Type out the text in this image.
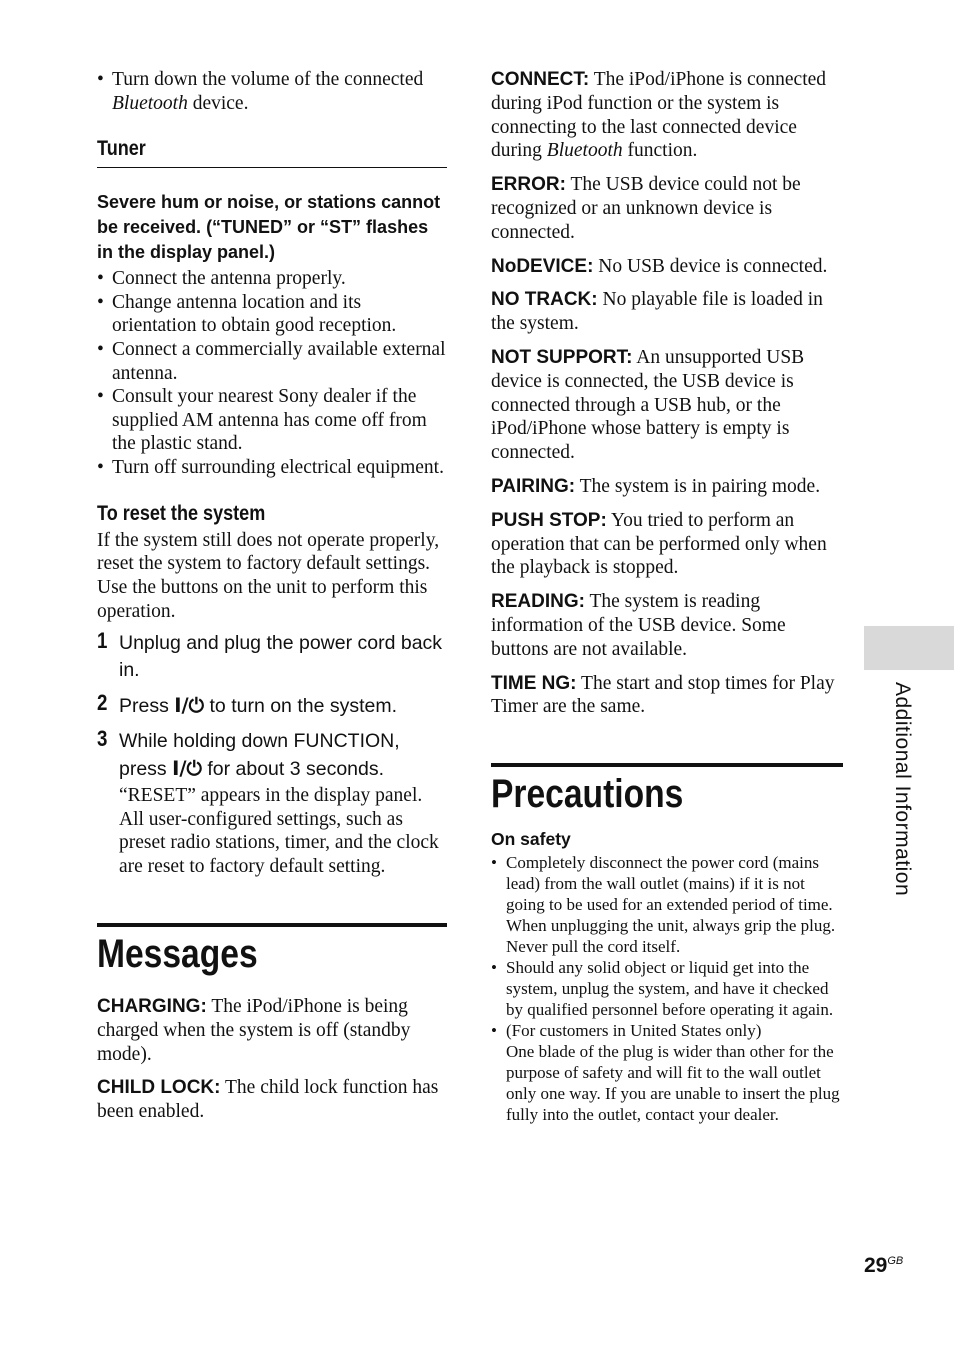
• Turn down the volume of the connected Bluetooth device.
Tuner
Severe hum or noise, or stations cannot be received. (“TUNED” or “ST” flashes in the display panel.)
• Connect the antenna properly.
• Change antenna location and its orientation to obtain good reception.
• Connect a commercially available external antenna.
• Consult your nearest Sony dealer if the supplied AM antenna has come off from the plastic stand.
• Turn off surrounding electrical equipment.
To reset the system
If the system still does not operate properly, reset the system to factory default settings.
Use the buttons on the unit to perform this operation.
1 Unplug and plug the power cord back in.
2 Press I/⏻ to turn on the system.
3 While holding down FUNCTION,
press I/⏻ for about 3 seconds.
“RESET” appears in the display panel. All user-configured settings, such as preset radio stations, timer, and the clock are reset to factory default setting.
Messages
CHARGING: The iPod/iPhone is being charged when the system is off (standby mode).
CHILD LOCK: The child lock function has been enabled.
CONNECT: The iPod/iPhone is connected during iPod function or the system is connecting to the last connected device during Bluetooth function.
ERROR: The USB device could not be recognized or an unknown device is connected.
NoDEVICE: No USB device is connected.
NO TRACK: No playable file is loaded in the system.
NOT SUPPORT: An unsupported USB device is connected, the USB device is connected through a USB hub, or the iPod/iPhone whose battery is empty is connected.
PAIRING: The system is in pairing mode.
PUSH STOP: You tried to perform an operation that can be performed only when the playback is stopped.
READING: The system is reading information of the USB device. Some buttons are not available.
TIME NG: The start and stop times for Play Timer are the same.
Precautions
On safety
• Completely disconnect the power cord (mains lead) from the wall outlet (mains) if it is not going to be used for an extended period of time. When unplugging the unit, always grip the plug. Never pull the cord itself.
• Should any solid object or liquid get into the system, unplug the system, and have it checked by qualified personnel before operating it again.
• (For customers in United States only)
One blade of the plug is wider than other for the purpose of safety and will fit to the wall outlet only one way. If you are unable to insert the plug fully into the outlet, contact your dealer.
Additional Information
$29^{GB}$
